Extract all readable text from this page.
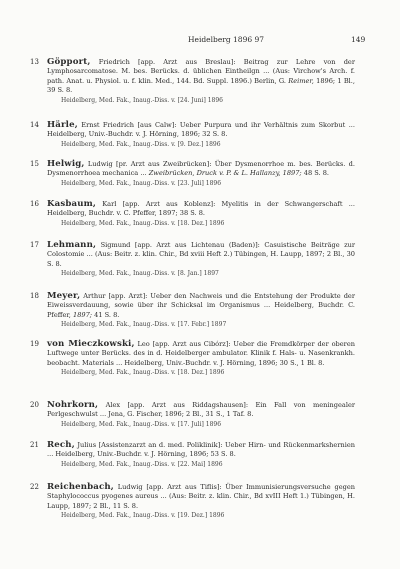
Heidelberg 1896 97	149
13 Göpport, Friedrich [app. Arzt aus Breslau]: Beitrag zur Lehre von der Lymphosarcomatose. M. bes. Berücks. d. üblichen Eintheilgn ... (Aus: Virchow's Arch. f. path. Anat. u. Physiol. u. f. klin. Med., 144. Bd. Suppl. 1896.) Berlin, G. Reimer, 1896; 1 Bl., 39 S. 8.
Heidelberg, Med. Fak., Inaug.-Diss. v. [24. Juni] 1896
14 Härle, Ernst Friedrich [aus Calw]: Ueber Purpura und ihr Verhältnis zum Skorbut ... Heidelberg, Univ.-Buchdr. v. J. Hörning, 1896; 32 S. 8.
Heidelberg, Med. Fak., Inaug.-Diss. v. [9. Dez.] 1896
15 Helwig, Ludwig [pr. Arzt aus Zweibrücken]: Über Dysmenorrhoe m. bes. Berücks. d. Dysmenorrhoea mechanica ... Zweibrücken, Druck v. P. & L. Hallanzy, 1897; 48 S. 8.
Heidelberg, Med. Fak., Inaug.-Diss. v. [23. Juli] 1896
16 Kasbaum, Karl [app. Arzt aus Koblenz]: Myelitis in der Schwangerschaft ... Heidelberg, Buchdr. v. C. Pfeffer, 1897; 38 S. 8.
Heidelberg, Med. Fak., Inaug.-Diss. v. [18. Dez.] 1896
17 Lehmann, Sigmund [app. Arzt aus Lichtenau (Baden)]: Casuistische Beiträge zur Colostomie ... (Aus: Beitr. z. klin. Chir., Bd xviii Heft 2.) Tübingen, H. Laupp, 1897; 2 Bl., 30 S. 8.
Heidelberg, Med. Fak., Inaug.-Diss. v. [8. Jan.] 1897
18 Meyer, Arthur [app. Arzt]: Ueber den Nachweis und die Entstehung der Produkte der Eiweissverdauung, sowie über ihr Schicksal im Organismus ... Heidelberg, Buchdr. C. Pfeffer, 1897; 41 S. 8.
Heidelberg, Med. Fak., Inaug.-Diss. v. [17. Febr.] 1897
19 von Mieczkowski, Leo [app. Arzt aus Cibórz]: Ueber die Fremdkörper der oberen Luftwege unter Berücks. des in d. Heidelberger ambulator. Klinik f. Hals- u. Nasenkrankh. beobacht. Materials ... Heidelberg, Univ.-Buchdr. v. J. Hörning, 1896; 30 S., 1 Bl. 8.
Heidelberg, Med. Fak., Inaug.-Diss. v. [18. Dez.] 1896
20 Nohrkorn, Alex [app. Arzt aus Riddagshausen]: Ein Fall von meningealer Perlgeschwulst ... Jena, G. Fischer, 1896; 2 Bl., 31 S., 1 Taf. 8.
Heidelberg, Med. Fak., Inaug.-Diss. v. [17. Juli] 1896
21 Rech, Julius [Assistenzarzt an d. med. Poliklinik]: Ueber Hirn- und Rückenmarkshernien ... Heidelberg, Univ.-Buchdr. v. J. Hörning, 1896; 53 S. 8.
Heidelberg, Med. Fak., Inaug.-Diss. v. [22. Mai] 1896
22 Reichenbach, Ludwig [app. Arzt aus Tiflis]: Über Immunisierungsversuche gegen Staphylococcus pyogenes aureus ... (Aus: Beitr. z. klin. Chir., Bd xvIII Heft 1.) Tübingen, H. Laupp, 1897; 2 Bl., 11 S. 8.
Heidelberg, Med. Fak., Inaug.-Diss. v. [19. Dez.] 1896
